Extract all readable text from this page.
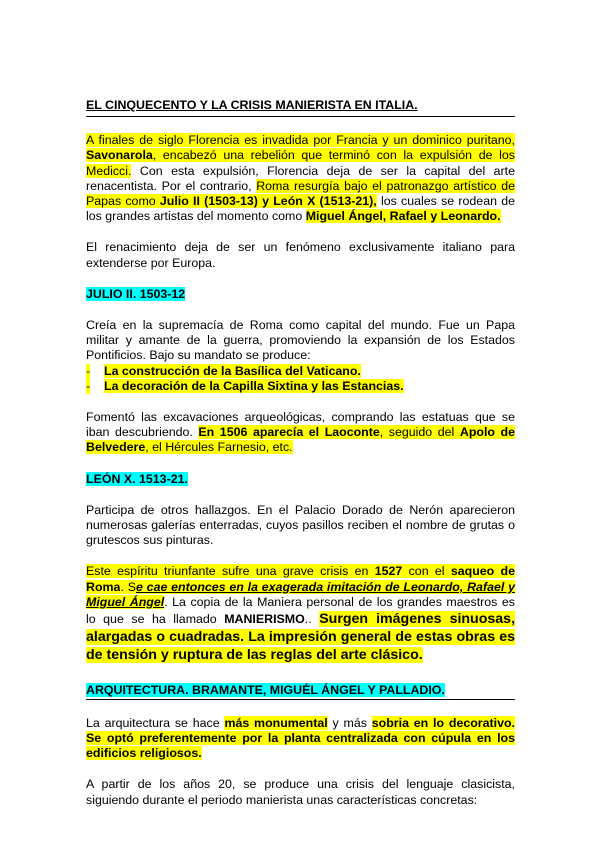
EL CINQUECENTO Y LA CRISIS MANIERISTA EN ITALIA.

A finales de siglo Florencia es invadida por Francia y un dominico puritano, Savonarola, encabezó una rebelión que terminó con la expulsión de los Medicci. Con esta expulsión, Florencia deja de ser la capital del arte renacentista. Por el contrario, Roma resurgía bajo el patronazgo artístico de Papas como Julio II (1503-13) y León X (1513-21), los cuales se rodean de los grandes artistas del momento como Miguel Ángel, Rafael y Leonardo.

El renacimiento deja de ser un fenómeno exclusivamente italiano para extenderse por Europa.

JULIO II. 1503-12

Creía en la supremacía de Roma como capital del mundo. Fue un Papa militar y amante de la guerra, promoviendo la expansión de los Estados Pontificios. Bajo su mandato se produce:

- La construcción de la Basílica del Vaticano.
- La decoración de la Capilla Sixtina y las Estancias.

Fomentó las excavaciones arqueológicas, comprando las estatuas que se iban descubriendo. En 1506 aparecía el Laoconte, seguido del Apolo de Belvedere, el Hércules Farnesio, etc.

LEÓN X. 1513-21.

Participa de otros hallazgos. En el Palacio Dorado de Nerón aparecieron numerosas galerías enterradas, cuyos pasillos reciben el nombre de grutas o grutescos sus pinturas.

Este espíritu triunfante sufre una grave crisis en 1527 con el saqueo de Roma. Se cae entonces en la exagerada imitación de Leonardo, Rafael y Miguel Ángel. La copia de la Maniera personal de los grandes maestros es lo que se ha llamado MANIERISMO.. Surgen imágenes sinuosas, alargadas o cuadradas. La impresión general de estas obras es de tensión y ruptura de las reglas del arte clásico.

ARQUITECTURA. BRAMANTE, MIGUÉL ÁNGEL Y PALLADIO.

La arquitectura se hace más monumental y más sobria en lo decorativo. Se optó preferentemente por la planta centralizada con cúpula en los edificios religiosos.

A partir de los años 20, se produce una crisis del lenguaje clasicista, siguiendo durante el periodo manierista unas características concretas:
